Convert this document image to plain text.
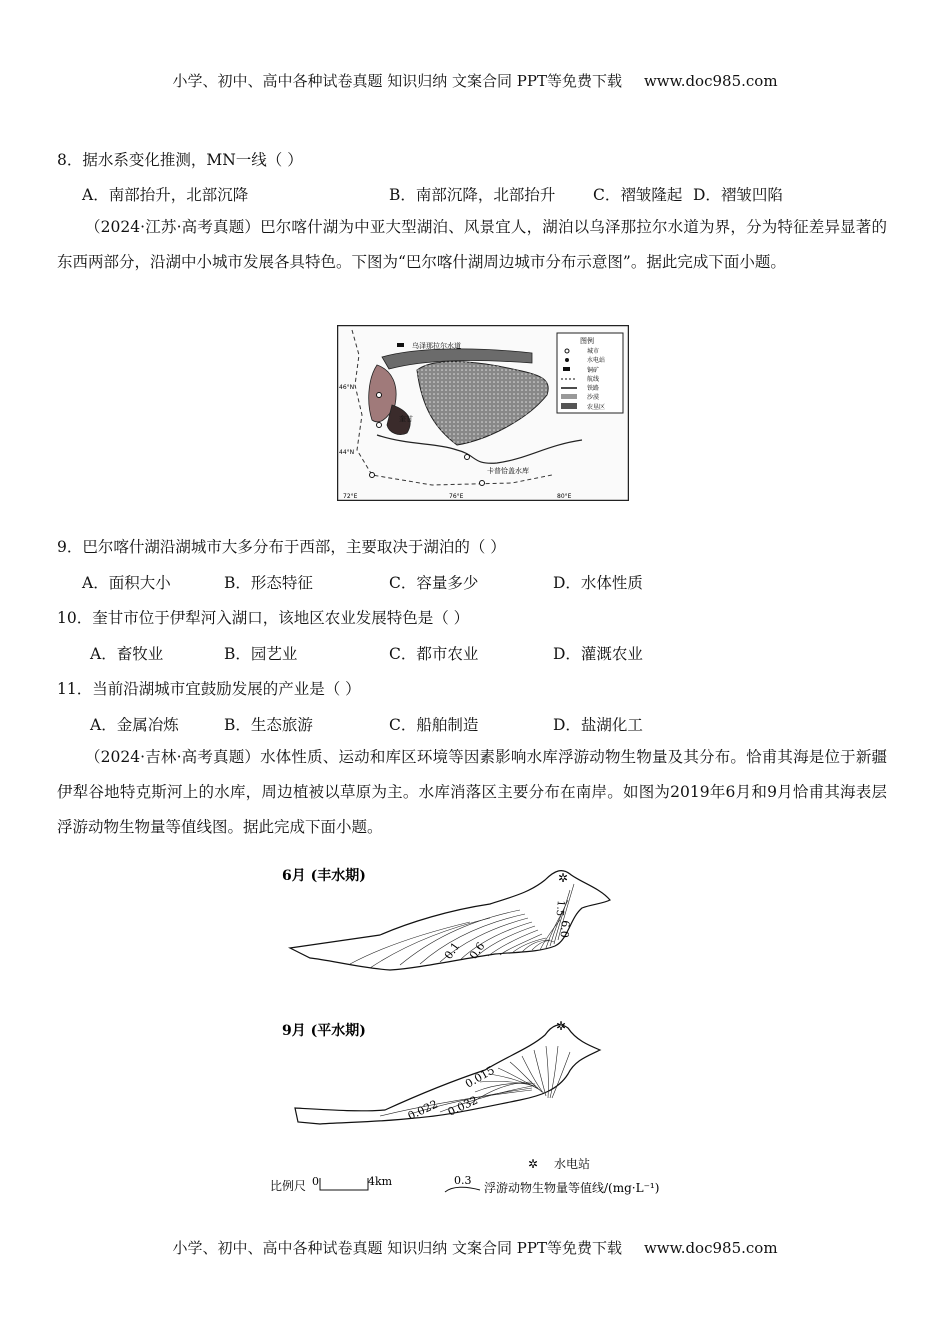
小学、初中、高中各种试卷真题 知识归纳 文案合同 PPT等免费下载 www.doc985.com
8．据水系变化推测，MN一线（ ）
A．南部抬升，北部沉降	B．南部沉降，北部抬升 C．褶皱隆起 D．褶皱凹陷
（2024·江苏·高考真题）巴尔喀什湖为中亚大型湖泊、风景宜人，湖泊以乌泽那拉尔水道为界，分为特征差异显著的东西两部分，沿湖中小城市发展各具特色。下图为“巴尔喀什湖周边城市分布示意图”。据此完成下面小题。
乌泽那拉尔水道
奎甘
卡普恰盖水库
46°N
44°N
72°E	76°E	80°E
图例
城市
水电站
铜矿
航线
铁路
沙漠
农垦区
9．巴尔喀什湖沿湖城市大多分布于西部，主要取决于湖泊的（ ）
A．面积大小	B．形态特征	C．容量多少	D．水体性质
10．奎甘市位于伊犁河入湖口，该地区农业发展特色是（ ）
A．畜牧业	B．园艺业	C．都市农业	D．灌溉农业
11．当前沿湖城市宜鼓励发展的产业是（ ）
A．金属冶炼	B．生态旅游	C．船舶制造	D．盐湖化工
（2024·吉林·高考真题）水体性质、运动和库区环境等因素影响水库浮游动物生物量及其分布。恰甫其海是位于新疆伊犁谷地特克斯河上的水库，周边植被以草原为主。水库消落区主要分布在南岸。如图为2019年6月和9月恰甫其海表层浮游动物生物量等值线图。据此完成下面小题。
6月 (丰水期)
0.1 0.6
6.0
1.5
✲
9月 (平水期)
0.022 0.032
0.015
✲
比例尺 0	4km
✲ 水电站
0.3
浮游动物生物量等值线/(mg·L⁻¹)
小学、初中、高中各种试卷真题 知识归纳 文案合同 PPT等免费下载 www.doc985.com
